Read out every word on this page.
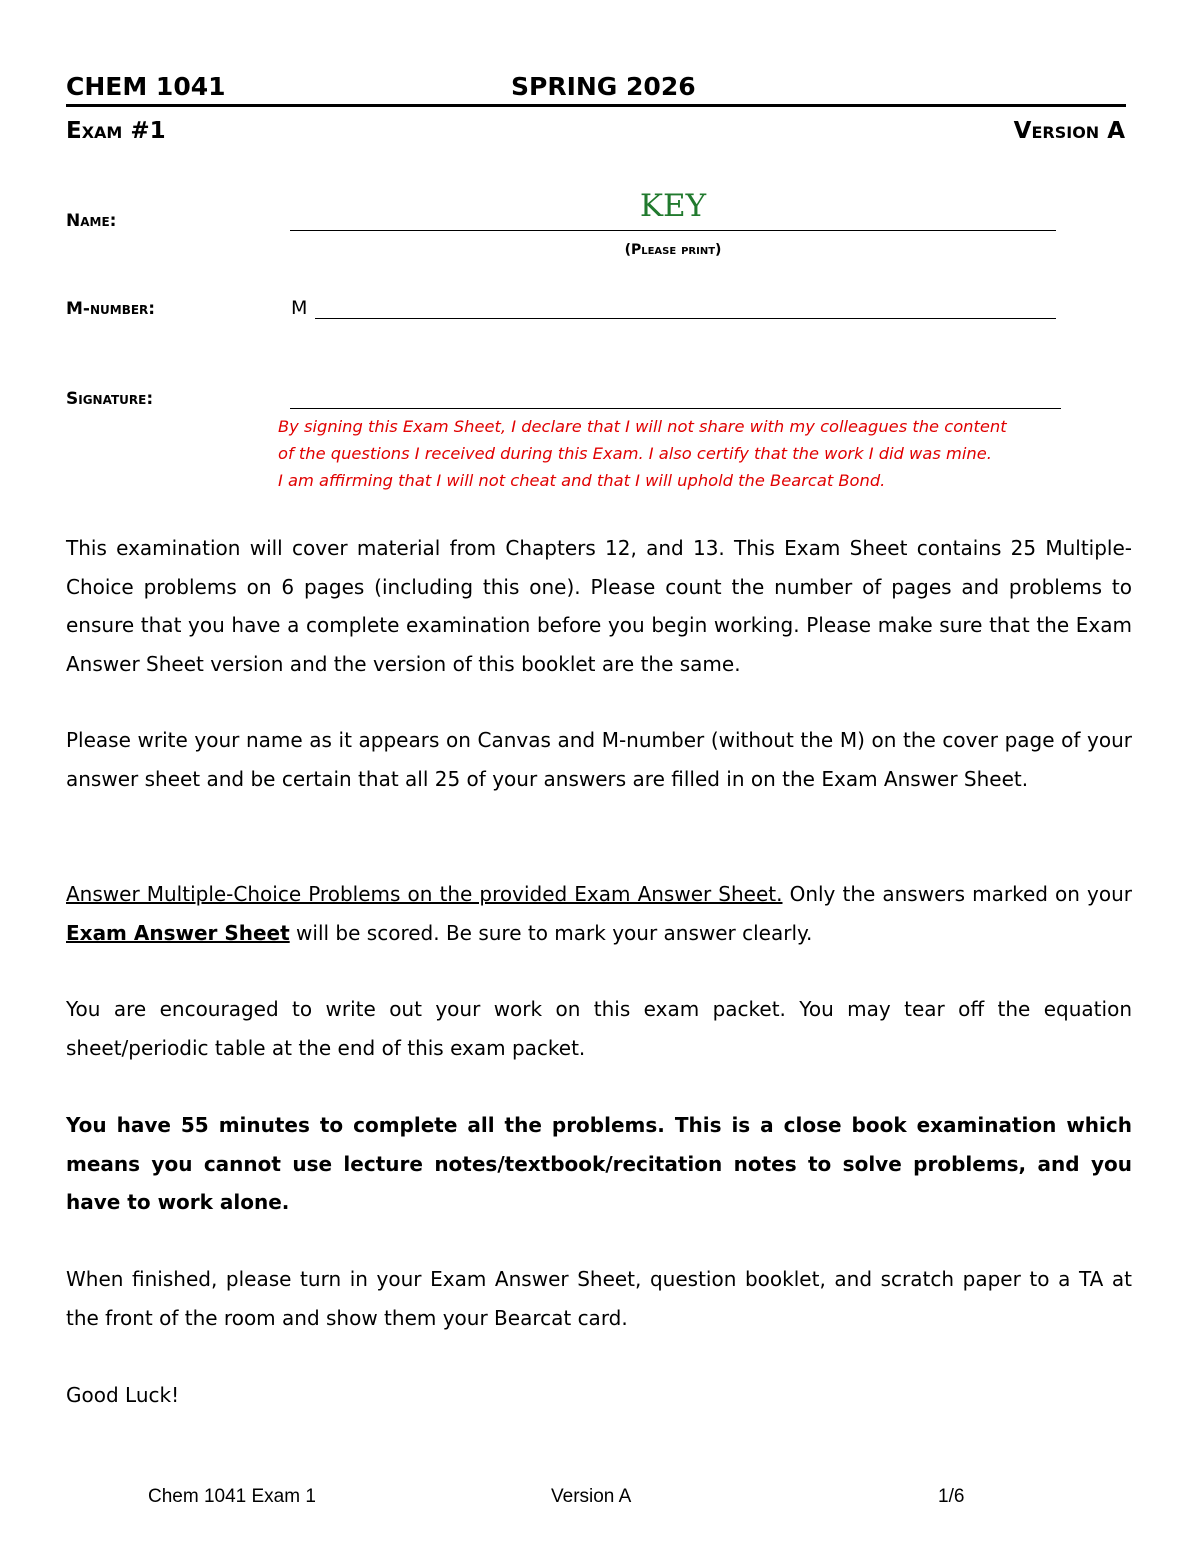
CHEM 1041	SPRING 2026
Exam #1	Version A
Name:	KEY
(Please print)
M-number:	M
Signature:
By signing this Exam Sheet, I declare that I will not share with my colleagues the content
of the questions I received during this Exam. I also certify that the work I did was mine.
I am affirming that I will not cheat and that I will uphold the Bearcat Bond.
This examination will cover material from Chapters 12, and 13. This Exam Sheet contains 25 Multiple-Choice problems on 6 pages (including this one). Please count the number of pages and problems to ensure that you have a complete examination before you begin working. Please make sure that the Exam Answer Sheet version and the version of this booklet are the same.
Please write your name as it appears on Canvas and M-number (without the M) on the cover page of your answer sheet and be certain that all 25 of your answers are filled in on the Exam Answer Sheet.
Answer Multiple-Choice Problems on the provided Exam Answer Sheet. Only the answers marked on your
Exam Answer Sheet will be scored. Be sure to mark your answer clearly.
You are encouraged to write out your work on this exam packet. You may tear off the equation sheet/periodic table at the end of this exam packet.
You have 55 minutes to complete all the problems. This is a close book examination which means you cannot use lecture notes/textbook/recitation notes to solve problems, and you have to work alone.
When finished, please turn in your Exam Answer Sheet, question booklet, and scratch paper to a TA at the front of the room and show them your Bearcat card.
Good Luck!
Chem 1041 Exam 1	Version A	1/6
